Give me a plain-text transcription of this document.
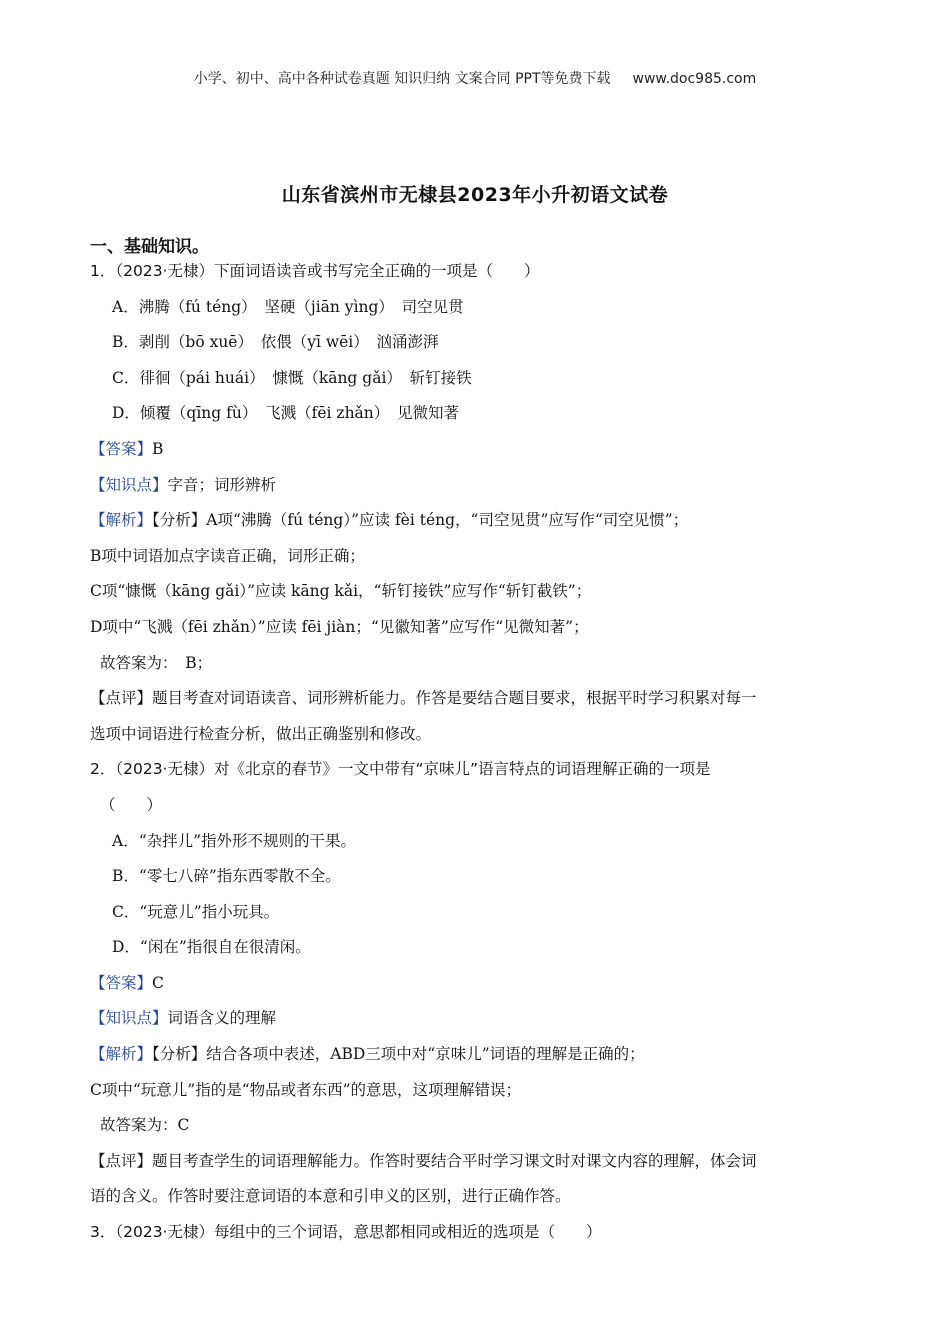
小学、初中、高中各种试卷真题 知识归纳 文案合同 PPT等免费下载 www.doc985.com
山东省滨州市无棣县2023年小升初语文试卷
一、基础知识。
1．（2023·无棣）下面词语读音或书写完全正确的一项是（　　）
A．沸腾（fú téng）　坚硬（jiān yìng）　司空见贯
B．剥削（bō xuē）　依偎（yī wēi）　汹涌澎湃
C．徘徊（pái huái）　慷慨（kāng gǎi）　斩钉接铁
D．倾覆（qīng fù）　飞溅（fēi zhǎn）　见微知著
【答案】B
【知识点】字音；词形辨析
【解析】【分析】A项“沸腾（fú téng）”应读 fèi téng，“司空见贯”应写作“司空见惯”；
B项中词语加点字读音正确，词形正确；
C项“慷慨（kāng gǎi）”应读 kāng kǎi，“斩钉接铁”应写作“斩钉截铁”；
D项中“飞溅（fēi zhǎn）”应读 fēi jiàn；“见徽知著”应写作“见微知著”；
故答案为：　B；
【点评】题目考查对词语读音、词形辨析能力。作答是要结合题目要求，根据平时学习积累对每一
选项中词语进行检查分析，做出正确鉴别和修改。
2．（2023·无棣）对《北京的春节》一文中带有“京味儿”语言特点的词语理解正确的一项是
（　　）
A．“杂拌儿”指外形不规则的干果。
B．“零七八碎”指东西零散不全。
C．“玩意儿”指小玩具。
D．“闲在”指很自在很清闲。
【答案】C
【知识点】词语含义的理解
【解析】【分析】结合各项中表述，ABD三项中对“京味儿”词语的理解是正确的；
C项中“玩意儿”指的是“物品或者东西”的意思，这项理解错误；
故答案为：C
【点评】题目考查学生的词语理解能力。作答时要结合平时学习课文时对课文内容的理解，体会词
语的含义。作答时要注意词语的本意和引申义的区别，进行正确作答。
3．（2023·无棣）每组中的三个词语，意思都相同或相近的选项是（　　）
